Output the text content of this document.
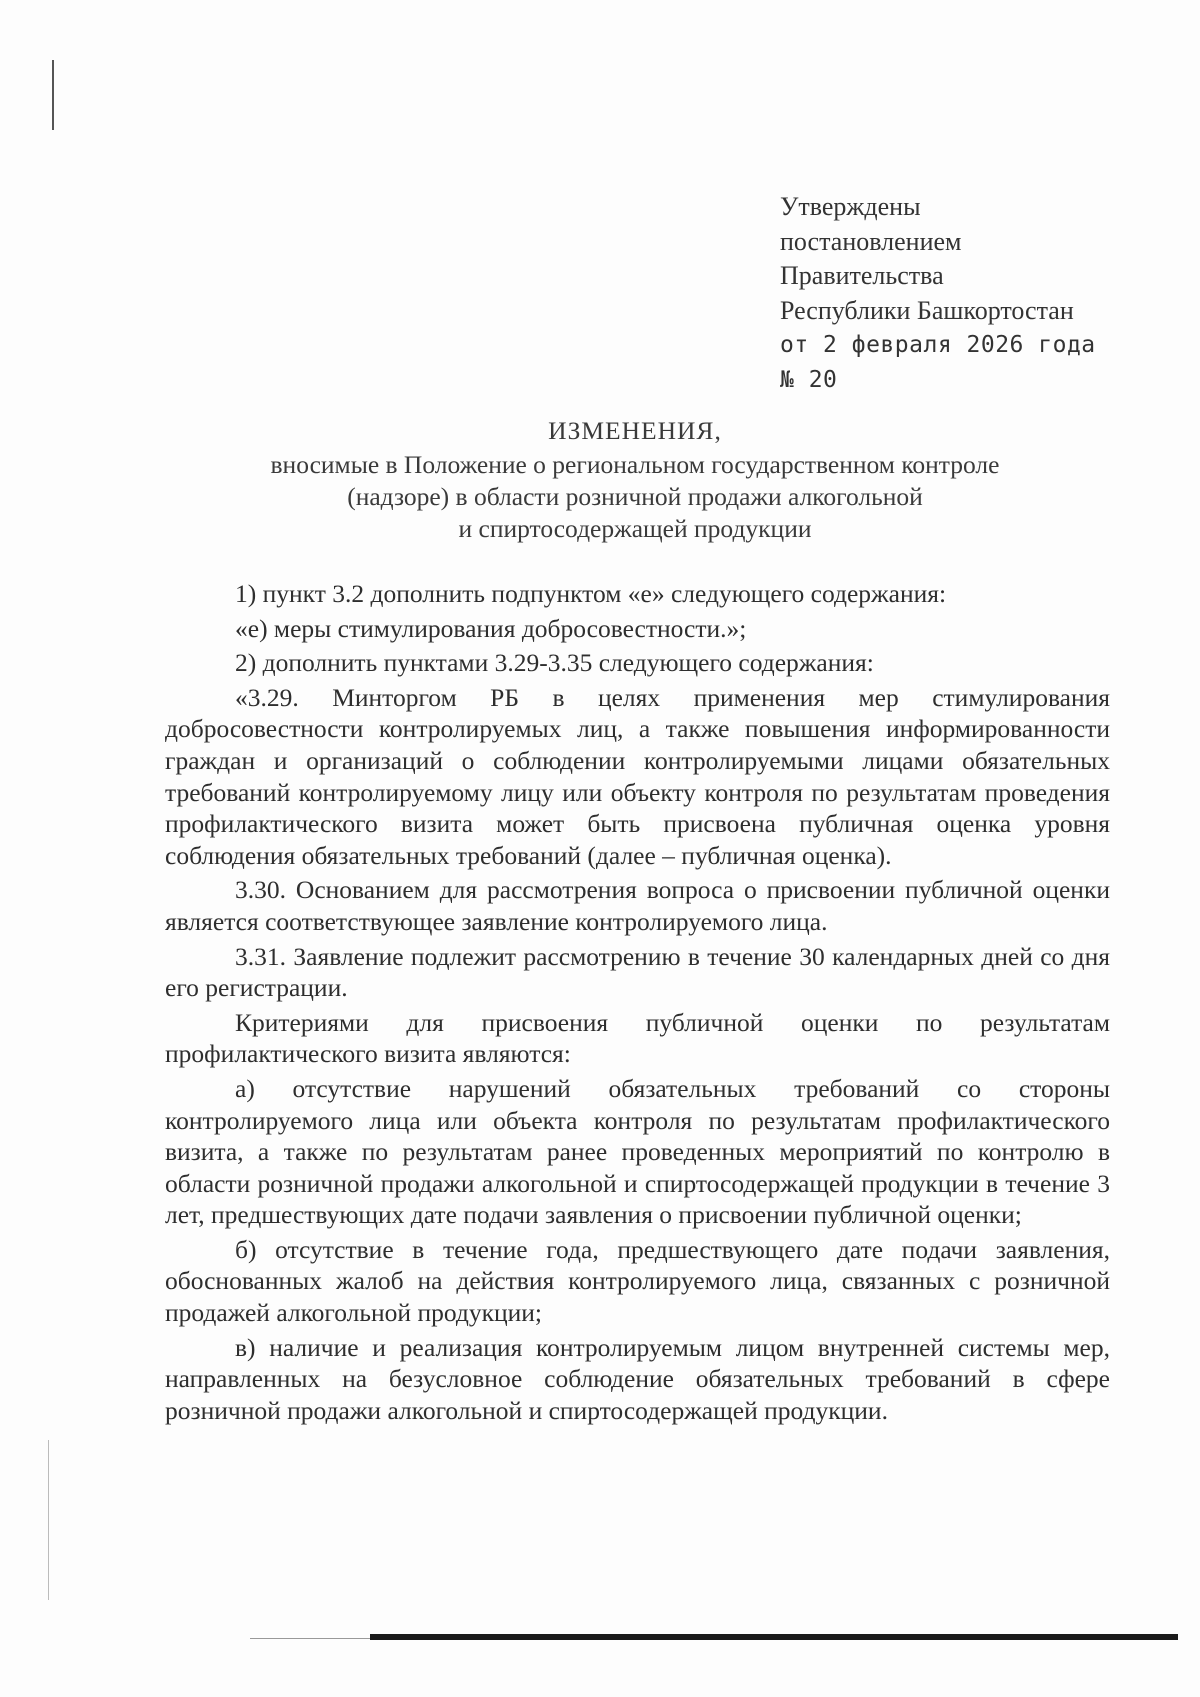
Утверждены
постановлением
Правительства
Республики Башкортостан
от 2 февраля 2026 года
№ 20
ИЗМЕНЕНИЯ,
вносимые в Положение о региональном государственном контроле
(надзоре) в области розничной продажи алкогольной
и спиртосодержащей продукции

1) пункт 3.2 дополнить подпунктом «е» следующего содержания:

«е) меры стимулирования добросовестности.»;

2) дополнить пунктами 3.29-3.35 следующего содержания:

«3.29. Минторгом РБ в целях применения мер стимулирования добросовестности контролируемых лиц, а также повышения информированности граждан и организаций о соблюдении контролируемыми лицами обязательных требований контролируемому лицу или объекту контроля по результатам проведения профилактического визита может быть присвоена публичная оценка уровня соблюдения обязательных требований (далее – публичная оценка).

3.30. Основанием для рассмотрения вопроса о присвоении публичной оценки является соответствующее заявление контролируемого лица.

3.31. Заявление подлежит рассмотрению в течение 30 календарных дней со дня его регистрации.

Критериями для присвоения публичной оценки по результатам профилактического визита являются:

а) отсутствие нарушений обязательных требований со стороны контролируемого лица или объекта контроля по результатам профилактического визита, а также по результатам ранее проведенных мероприятий по контролю в области розничной продажи алкогольной и спиртосодержащей продукции в течение 3 лет, предшествующих дате подачи заявления о присвоении публичной оценки;

б) отсутствие в течение года, предшествующего дате подачи заявления, обоснованных жалоб на действия контролируемого лица, связанных с розничной продажей алкогольной продукции;

в) наличие и реализация контролируемым лицом внутренней системы мер, направленных на безусловное соблюдение обязательных требований в сфере розничной продажи алкогольной и спиртосодержащей продукции.
